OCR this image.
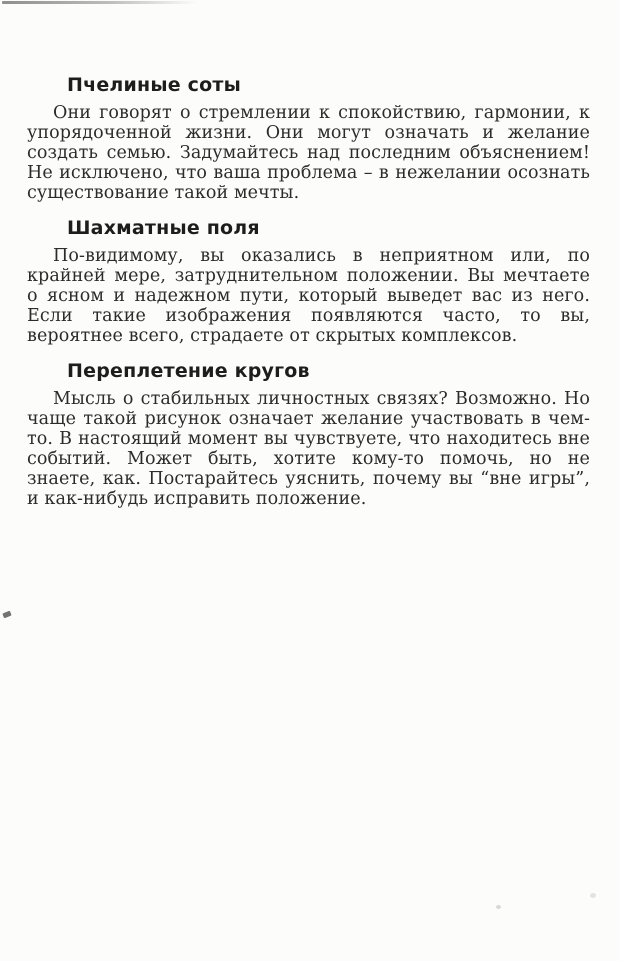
Пчелиные соты

Они говорят о стремлении к спокойствию, гармонии, к упорядоченной жизни. Они могут означать и желание создать семью. Задумайтесь над последним объяснением! Не исключено, что ваша проблема – в нежелании осознать существование такой мечты.

Шахматные поля

По-видимому, вы оказались в неприятном или, по крайней мере, затруднительном положении. Вы мечтаете о ясном и надежном пути, который выведет вас из него. Если такие изображения появляются часто, то вы, вероятнее всего, страдаете от скрытых комплексов.

Переплетение кругов

Мысль о стабильных личностных связях? Возможно. Но чаще такой рисунок означает желание участвовать в чем-то. В настоящий момент вы чувствуете, что находитесь вне событий. Может быть, хотите кому-то помочь, но не знаете, как. Постарайтесь уяснить, почему вы “вне игры”, и как-нибудь исправить положение.
